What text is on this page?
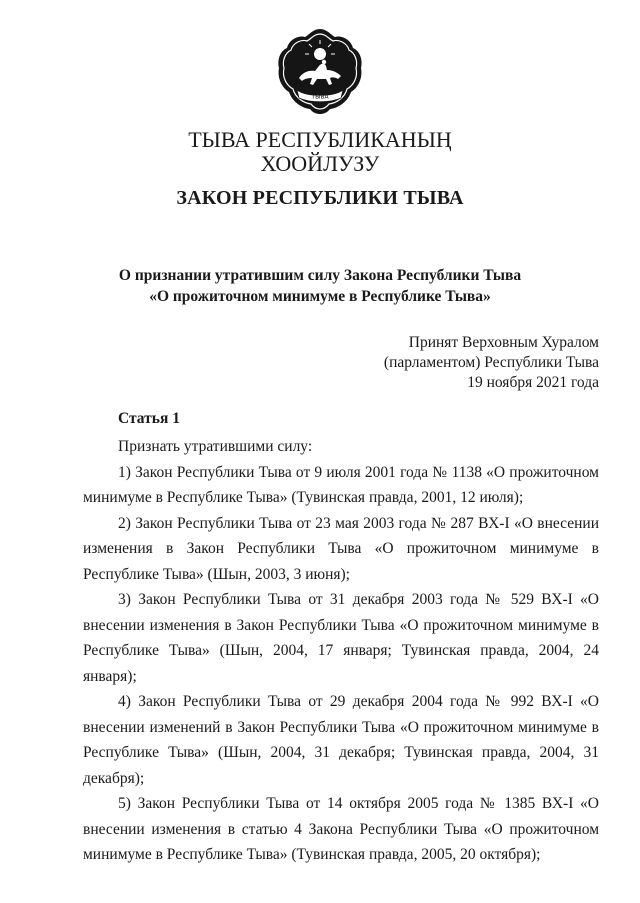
ТЫВА
ТЫВА РЕСПУБЛИКАНЫҢ
ХООЙЛУЗУ
ЗАКОН РЕСПУБЛИКИ ТЫВА
О признании утратившим силу Закона Республики Тыва
«О прожиточном минимуме в Республике Тыва»
Принят Верховным Хуралом
(парламентом) Республики Тыва
19 ноября 2021 года
Статья 1

Признать утратившими силу:

1) Закон Республики Тыва от 9 июля 2001 года № 1138 «О прожиточном минимуме в Республике Тыва» (Тувинская правда, 2001, 12 июля);

2) Закон Республики Тыва от 23 мая 2003 года № 287 ВХ-I «О внесении изменения в Закон Республики Тыва «О прожиточном минимуме в Республике Тыва» (Шын, 2003, 3 июня);

3) Закон Республики Тыва от 31 декабря 2003 года № 529 ВХ-I «О внесении изменения в Закон Республики Тыва «О прожиточном минимуме в Республике Тыва» (Шын, 2004, 17 января; Тувинская правда, 2004, 24 января);

4) Закон Республики Тыва от 29 декабря 2004 года № 992 ВХ-I «О внесении изменений в Закон Республики Тыва «О прожиточном минимуме в Республике Тыва» (Шын, 2004, 31 декабря; Тувинская правда, 2004, 31 декабря);

5) Закон Республики Тыва от 14 октября 2005 года № 1385 ВХ-I «О внесении изменения в статью 4 Закона Республики Тыва «О прожиточном минимуме в Республике Тыва» (Тувинская правда, 2005, 20 октября);
